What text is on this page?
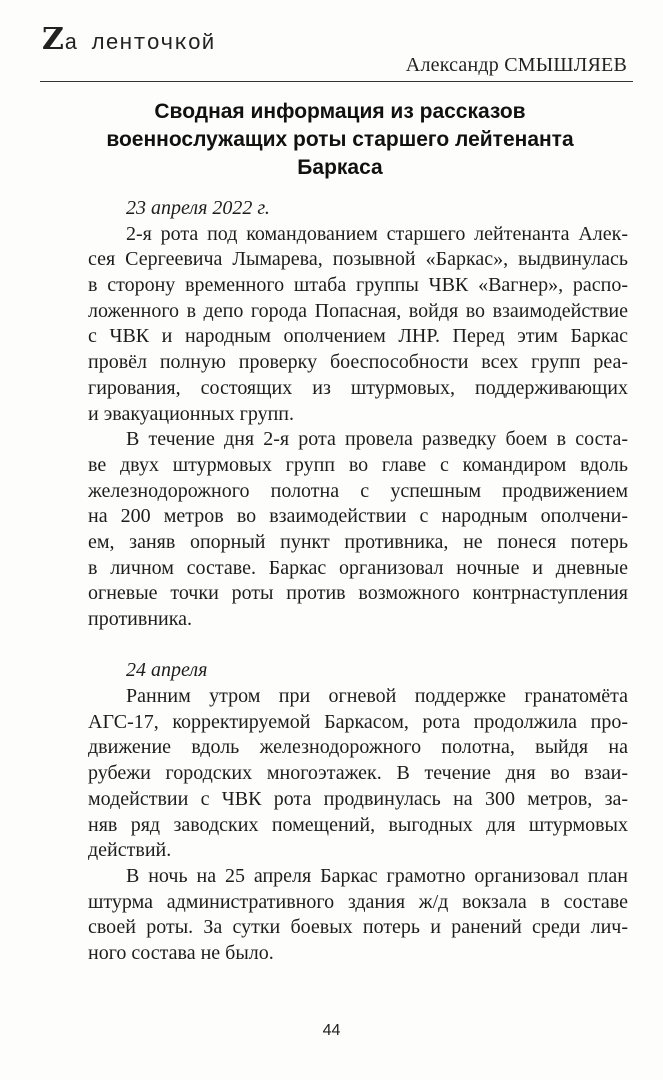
Zа ленточкой
Александр СМЫШЛЯЕВ
Сводная информация из рассказов
военнослужащих роты старшего лейтенанта
Баркаса
23 апреля 2022 г.
2-я рота под командованием старшего лейтенанта Алек-
сея Сергеевича Лымарева, позывной «Баркас», выдвинулась
в сторону временного штаба группы ЧВК «Вагнер», распо-
ложенного в депо города Попасная, войдя во взаимодействие
с ЧВК и народным ополчением ЛНР. Перед этим Баркас
провёл полную проверку боеспособности всех групп реа-
гирования, состоящих из штурмовых, поддерживающих
и эвакуационных групп.
В течение дня 2-я рота провела разведку боем в соста-
ве двух штурмовых групп во главе с командиром вдоль
железнодорожного полотна с успешным продвижением
на 200 метров во взаимодействии с народным ополчени-
ем, заняв опорный пункт противника, не понеся потерь
в личном составе. Баркас организовал ночные и дневные
огневые точки роты против возможного контрнаступления
противника.
24 апреля
Ранним утром при огневой поддержке гранатомёта
АГС-17, корректируемой Баркасом, рота продолжила про-
движение вдоль железнодорожного полотна, выйдя на
рубежи городских многоэтажек. В течение дня во взаи-
модействии с ЧВК рота продвинулась на 300 метров, за-
няв ряд заводских помещений, выгодных для штурмовых
действий.
В ночь на 25 апреля Баркас грамотно организовал план
штурма административного здания ж/д вокзала в составе
своей роты. За сутки боевых потерь и ранений среди лич-
ного состава не было.
44
